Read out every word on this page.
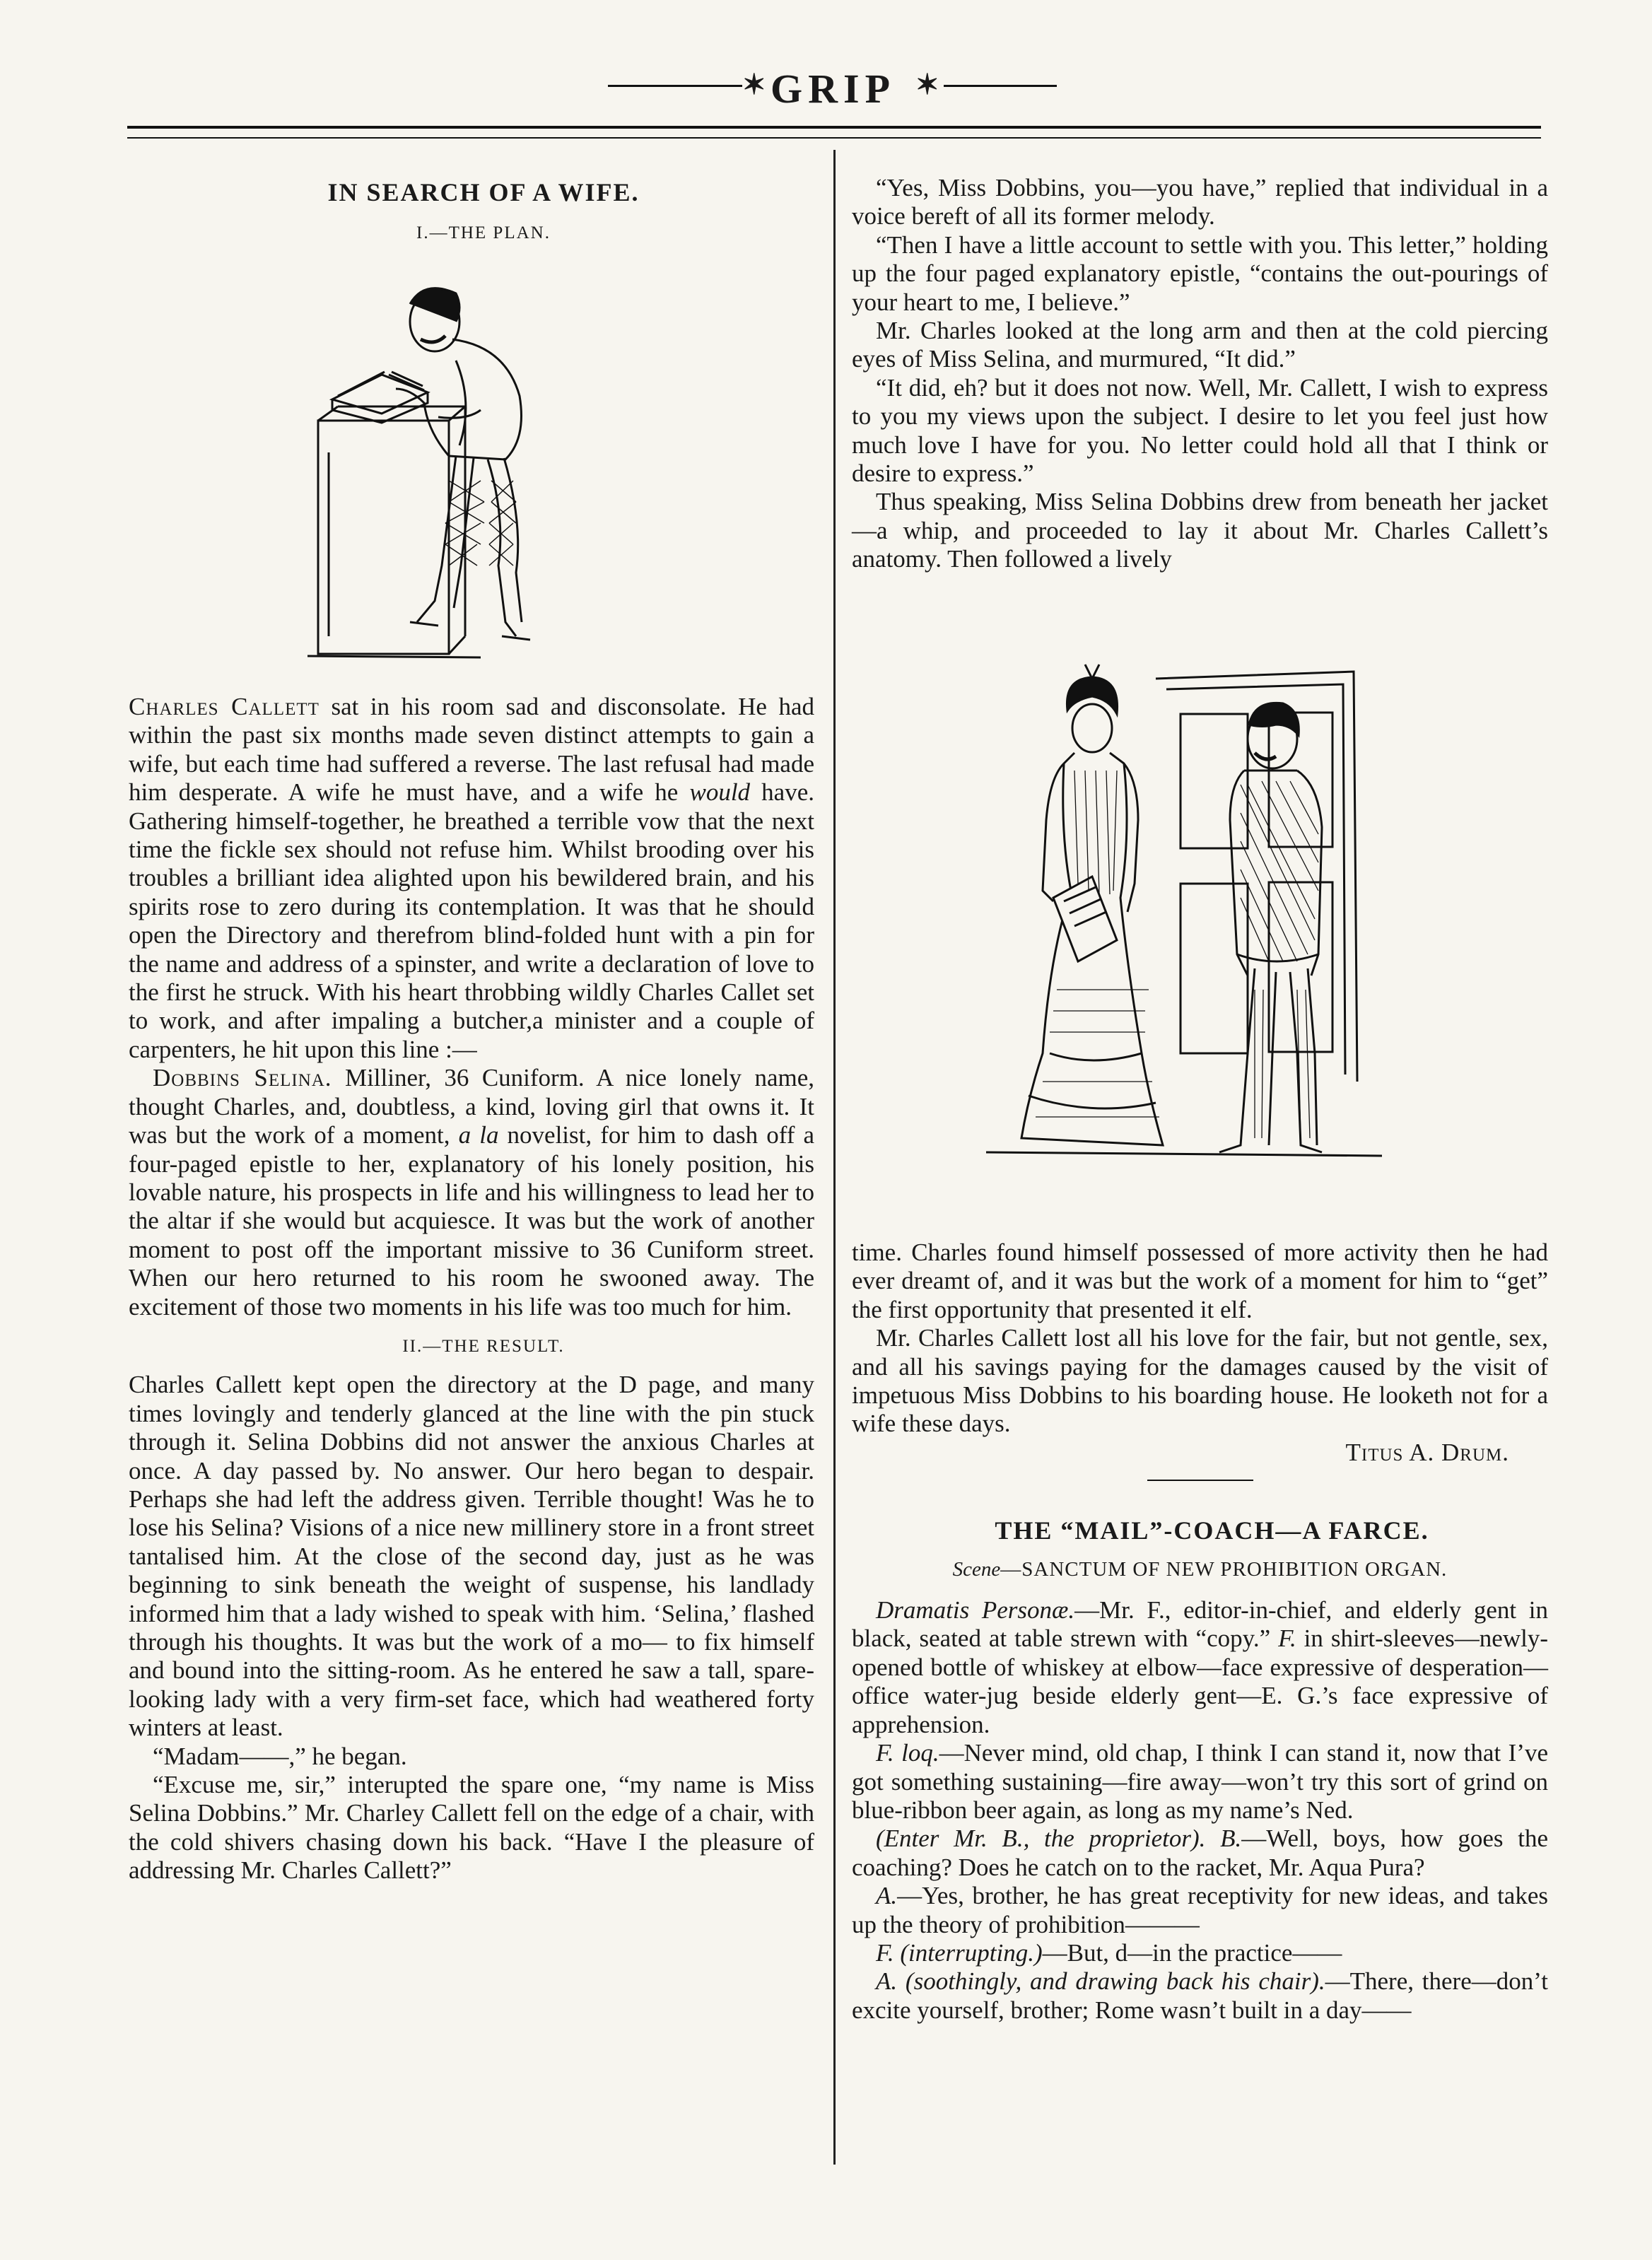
✶ GRIP ✶

IN SEARCH OF A WIFE.

I.—THE PLAN.

Charles Callett sat in his room sad and disconsolate. He had within the past six months made seven distinct attempts to gain a wife, but each time had suffered a reverse. The last refusal had made him desperate. A wife he must have, and a wife he would have. Gathering himself-together, he breathed a terrible vow that the next time the fickle sex should not refuse him. Whilst brooding over his troubles a brilliant idea alighted upon his bewildered brain, and his spirits rose to zero during its contemplation. It was that he should open the Directory and therefrom blind-folded hunt with a pin for the name and address of a spinster, and write a declaration of love to the first he struck. With his heart throbbing wildly Charles Callet set to work, and after impaling a butcher,a minister and a couple of carpenters, he hit upon this line :—

Dobbins Selina. Milliner, 36 Cuniform. A nice lonely name, thought Charles, and, doubtless, a kind, loving girl that owns it. It was but the work of a moment, a la novelist, for him to dash off a four-paged epistle to her, explanatory of his lonely position, his lovable nature, his prospects in life and his willingness to lead her to the altar if she would but acquiesce. It was but the work of another moment to post off the important missive to 36 Cuniform street. When our hero returned to his room he swooned away. The excitement of those two moments in his life was too much for him.

II.—THE RESULT.

Charles Callett kept open the directory at the D page, and many times lovingly and tenderly glanced at the line with the pin stuck through it. Selina Dobbins did not answer the anxious Charles at once. A day passed by. No answer. Our hero began to despair. Perhaps she had left the address given. Terrible thought! Was he to lose his Selina? Visions of a nice new millinery store in a front street tantalised him. At the close of the second day, just as he was beginning to sink beneath the weight of suspense, his landlady informed him that a lady wished to speak with him. ‘Selina,’ flashed through his thoughts. It was but the work of a mo— to fix himself and bound into the sitting-room. As he entered he saw a tall, spare-looking lady with a very firm-set face, which had weathered forty winters at least.

“Madam——,” he began.

“Excuse me, sir,” interupted the spare one, “my name is Miss Selina Dobbins.” Mr. Charley Callett fell on the edge of a chair, with the cold shivers chasing down his back. “Have I the pleasure of addressing Mr. Charles Callett?”

“Yes, Miss Dobbins, you—you have,” replied that individual in a voice bereft of all its former melody.

“Then I have a little account to settle with you. This letter,” holding up the four paged explanatory epistle, “contains the out-pourings of your heart to me, I believe.”

Mr. Charles looked at the long arm and then at the cold piercing eyes of Miss Selina, and murmured, “It did.”

“It did, eh? but it does not now. Well, Mr. Callett, I wish to express to you my views upon the subject. I desire to let you feel just how much love I have for you. No letter could hold all that I think or desire to express.”

Thus speaking, Miss Selina Dobbins drew from beneath her jacket—a whip, and proceeded to lay it about Mr. Charles Callett’s anatomy. Then followed a lively

time. Charles found himself possessed of more activity then he had ever dreamt of, and it was but the work of a moment for him to “get” the first opportunity that presented it elf.

Mr. Charles Callett lost all his love for the fair, but not gentle, sex, and all his savings paying for the damages caused by the visit of impetuous Miss Dobbins to his boarding house. He looketh not for a wife these days.

Titus A. Drum.

THE “MAIL”-COACH—A FARCE.

Scene—SANCTUM OF NEW PROHIBITION ORGAN.

Dramatis Personæ.—Mr. F., editor-in-chief, and elderly gent in black, seated at table strewn with “copy.” F. in shirt-sleeves—newly-opened bottle of whiskey at elbow—face expressive of desperation—office water-jug beside elderly gent—E. G.’s face expressive of apprehension.

F. loq.—Never mind, old chap, I think I can stand it, now that I’ve got something sustaining—fire away—won’t try this sort of grind on blue-ribbon beer again, as long as my name’s Ned.

(Enter Mr. B., the proprietor). B.—Well, boys, how goes the coaching? Does he catch on to the racket, Mr. Aqua Pura?

A.—Yes, brother, he has great receptivity for new ideas, and takes up the theory of prohibition———

F. (interrupting.)—But, d—in the practice——

A. (soothingly, and drawing back his chair).—There, there—don’t excite yourself, brother; Rome wasn’t built in a day——
